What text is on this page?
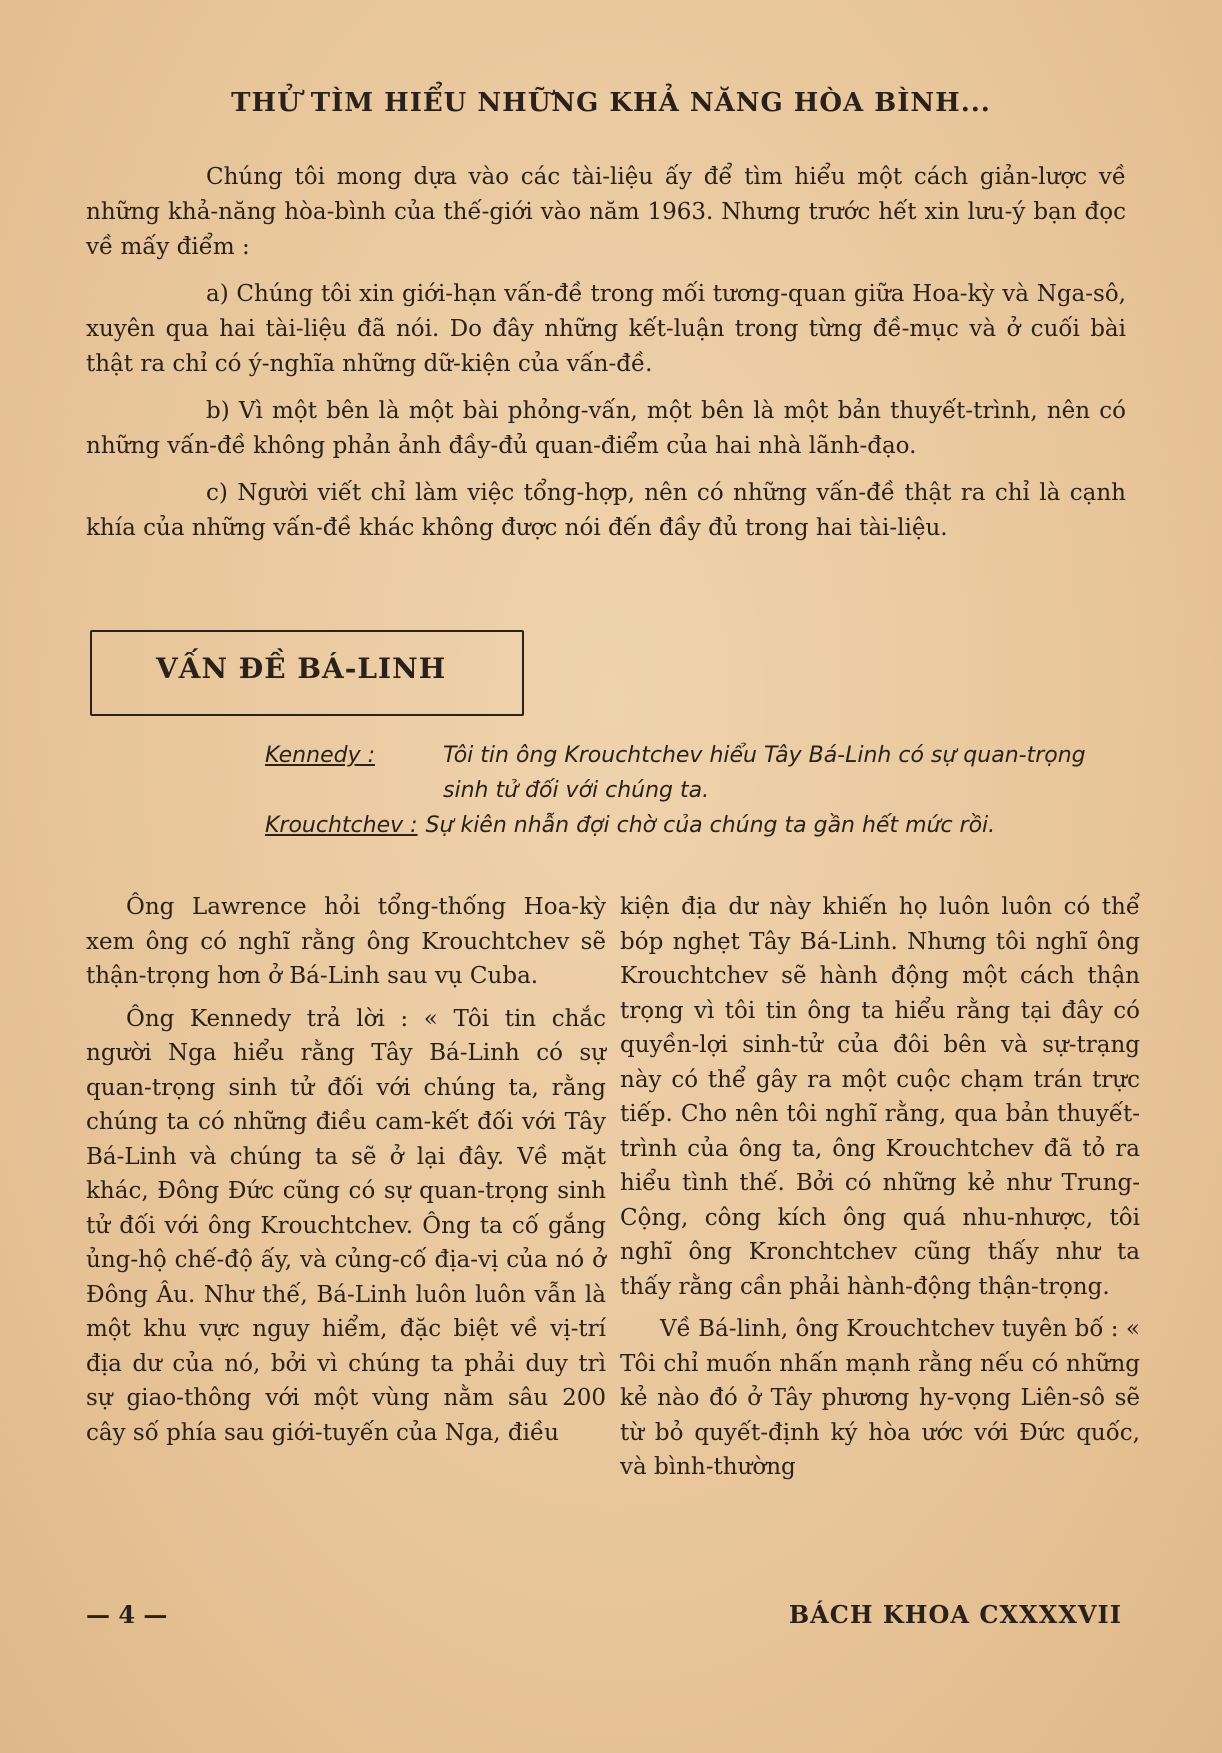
THỬ TÌM HIỂU NHỮNG KHẢ NĂNG HÒA BÌNH...

Chúng tôi mong dựa vào các tài-liệu ấy để tìm hiểu một cách giản-lược về những khả-năng hòa-bình của thế-giới vào năm 1963. Nhưng trước hết xin lưu-ý bạn đọc về mấy điểm :

a) Chúng tôi xin giới-hạn vấn-đề trong mối tương-quan giữa Hoa-kỳ và Nga-sô, xuyên qua hai tài-liệu đã nói. Do đây những kết-luận trong từng đề-mục và ở cuối bài thật ra chỉ có ý-nghĩa những dữ-kiện của vấn-đề.

b) Vì một bên là một bài phỏng-vấn, một bên là một bản thuyết-trình, nên có những vấn-đề không phản ảnh đầy-đủ quan-điểm của hai nhà lãnh-đạo.

c) Người viết chỉ làm việc tổng-hợp, nên có những vấn-đề thật ra chỉ là cạnh khía của những vấn-đề khác không được nói đến đầy đủ trong hai tài-liệu.

VẤN ĐỀ BÁ-LINH
Kennedy :	Tôi tin ông Krouchtchev hiểu Tây Bá-Linh có sự quan-trọng sinh tử đối với chúng ta.
Krouchtchev : Sự kiên nhẫn đợi chờ của chúng ta gần hết mức rồi.

Ông Lawrence hỏi tổng-thống Hoa-kỳ xem ông có nghĩ rằng ông Krouchtchev sẽ thận-trọng hơn ở Bá-Linh sau vụ Cuba.

Ông Kennedy trả lời : « Tôi tin chắc người Nga hiểu rằng Tây Bá-Linh có sự quan-trọng sinh tử đối với chúng ta, rằng chúng ta có những điều cam-kết đối với Tây Bá-Linh và chúng ta sẽ ở lại đây. Về mặt khác, Đông Đức cũng có sự quan-trọng sinh tử đối với ông Krouchtchev. Ông ta cố gắng ủng-hộ chế-độ ấy, và củng-cố địa-vị của nó ở Đông Âu. Như thế, Bá-Linh luôn luôn vẫn là một khu vực nguy hiểm, đặc biệt về vị-trí địa dư của nó, bởi vì chúng ta phải duy trì sự giao-thông với một vùng nằm sâu 200 cây số phía sau giới-tuyến của Nga, điều

kiện địa dư này khiến họ luôn luôn có thể bóp nghẹt Tây Bá-Linh. Nhưng tôi nghĩ ông Krouchtchev sẽ hành động một cách thận trọng vì tôi tin ông ta hiểu rằng tại đây có quyền-lợi sinh-tử của đôi bên và sự-trạng này có thể gây ra một cuộc chạm trán trực tiếp. Cho nên tôi nghĩ rằng, qua bản thuyết-trình của ông ta, ông Krouchtchev đã tỏ ra hiểu tình thế. Bởi có những kẻ như Trung-Cộng, công kích ông quá nhu-nhược, tôi nghĩ ông Kronchtchev cũng thấy như ta thấy rằng cần phải hành-động thận-trọng.

Về Bá-linh, ông Krouchtchev tuyên bố : « Tôi chỉ muốn nhấn mạnh rằng nếu có những kẻ nào đó ở Tây phương hy-vọng Liên-sô sẽ từ bỏ quyết-định ký hòa ước với Đức quốc, và bình-thường

— 4 —	BÁCH KHOA CXXXXVII
